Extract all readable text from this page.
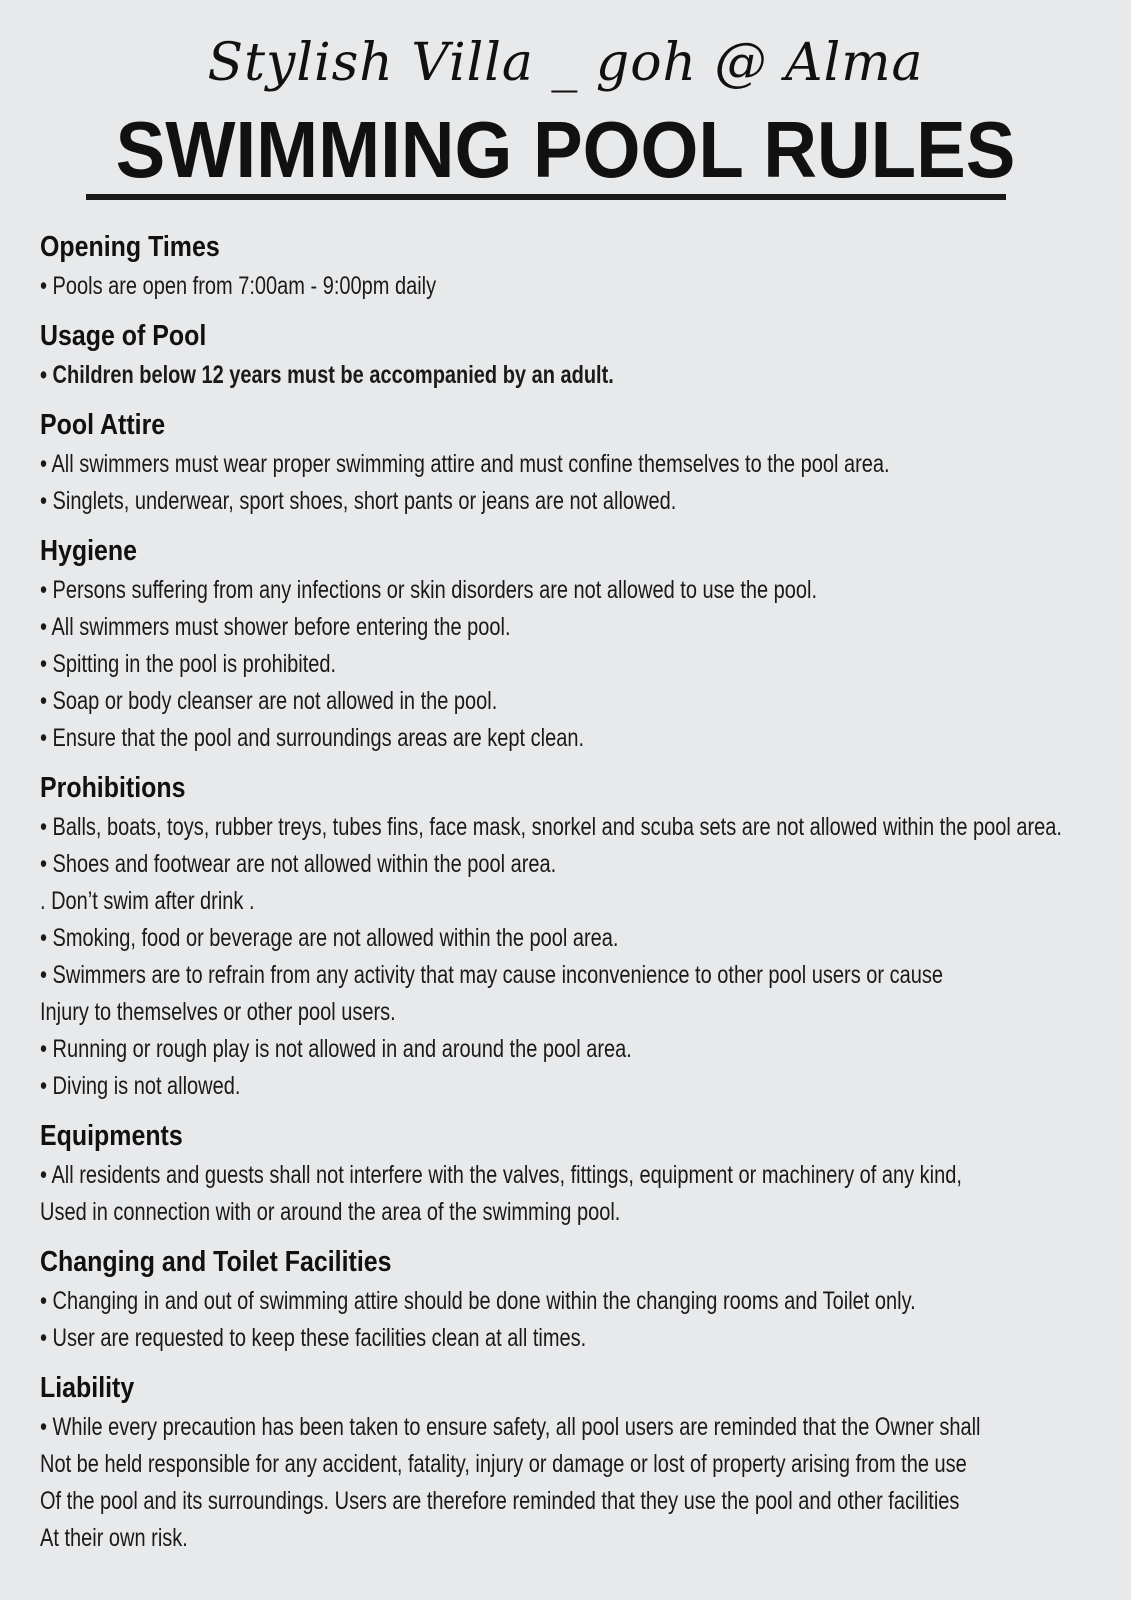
Stylish Villa _ goh @ Alma
SWIMMING POOL RULES
Opening Times
• Pools are open from 7:00am - 9:00pm daily
Usage of Pool
• Children below 12 years must be accompanied by an adult.
Pool Attire
• All swimmers must wear proper swimming attire and must confine themselves to the pool area.
• Singlets, underwear, sport shoes, short pants or jeans are not allowed.
Hygiene
• Persons suffering from any infections or skin disorders are not allowed to use the pool.
• All swimmers must shower before entering the pool.
• Spitting in the pool is prohibited.
• Soap or body cleanser are not allowed in the pool.
• Ensure that the pool and surroundings areas are kept clean.
Prohibitions
• Balls, boats, toys, rubber treys, tubes fins, face mask, snorkel and scuba sets are not allowed within the pool area.
• Shoes and footwear are not allowed within the pool area.
. Don’t swim after drink .
• Smoking, food or beverage are not allowed within the pool area.
• Swimmers are to refrain from any activity that may cause inconvenience to other pool users or cause
Injury to themselves or other pool users.
• Running or rough play is not allowed in and around the pool area.
• Diving is not allowed.
Equipments
• All residents and guests shall not interfere with the valves, fittings, equipment or machinery of any kind,
Used in connection with or around the area of the swimming pool.
Changing and Toilet Facilities
• Changing in and out of swimming attire should be done within the changing rooms and Toilet only.
• User are requested to keep these facilities clean at all times.
Liability
• While every precaution has been taken to ensure safety, all pool users are reminded that the Owner shall
Not be held responsible for any accident, fatality, injury or damage or lost of property arising from the use
Of the pool and its surroundings. Users are therefore reminded that they use the pool and other facilities
At their own risk.
